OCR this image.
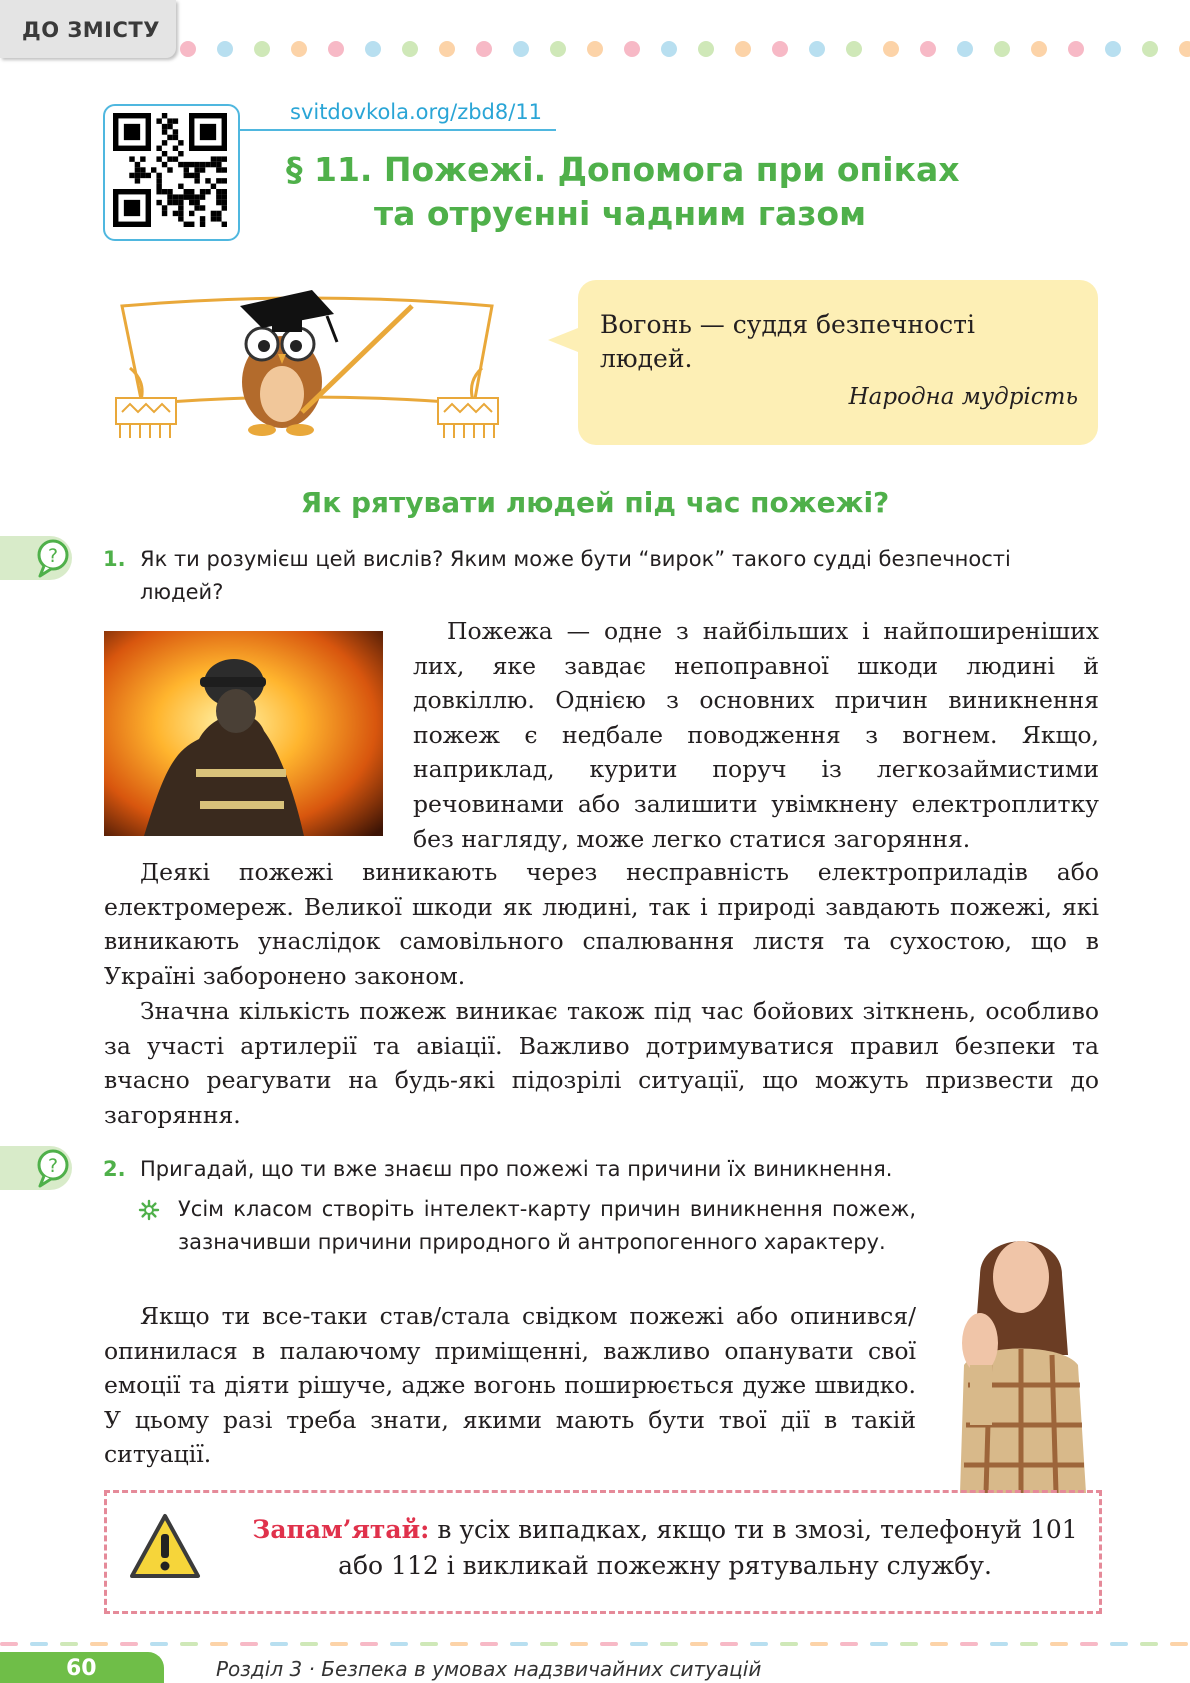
ДО ЗМІСТУ
svitdovkola.org/zbd8/11
§ 11. Пожежі. Допомога при опіках
та отруєнні чадним газом
Вогонь — суддя безпечності людей.
Народна мудрість
Як рятувати людей під час пожежі?
? 1. Як ти розумієш цей вислів? Яким може бути “вирок” такого судді безпечності людей?
Пожежа — одне з найбільших і найпоширеніших лих, яке завдає непоправної шкоди людині й довкіллю. Однією з основних причин виникнення пожеж є недбале поводження з вогнем. Якщо, наприклад, курити поруч із легкозаймистими речовинами або залишити увімкнену електроплитку без нагляду, може легко статися загоряння.
Деякі пожежі виникають через несправність електроприладів або електромереж. Великої шкоди як людині, так і природі завдають пожежі, які виникають унаслідок самовільного спалювання листя та сухостою, що в Україні заборонено законом.
Значна кількість пожеж виникає також під час бойових зіткнень, особливо за участі артилерії та авіації. Важливо дотримуватися правил безпеки та вчасно реагувати на будь-які підозрілі ситуації, що можуть призвести до загоряння.
? 2. Пригадай, що ти вже знаєш про пожежі та причини їх виникнення.
Усім класом створіть інтелект-карту причин виникнення пожеж, зазначивши причини природного й антропогенного характеру.
Якщо ти все-таки став/стала свідком пожежі або опинився/опинилася в палаючому приміщенні, важливо опанувати свої емоції та діяти рішуче, адже вогонь поширюється дуже швидко. У цьому разі треба знати, якими мають бути твої дії в такій ситуації.
Запам’ятай: в усіх випадках, якщо ти в змозі, телефонуй 101 або 112 і викликай пожежну рятувальну службу.
60	Розділ 3 · Безпека в умовах надзвичайних ситуацій
